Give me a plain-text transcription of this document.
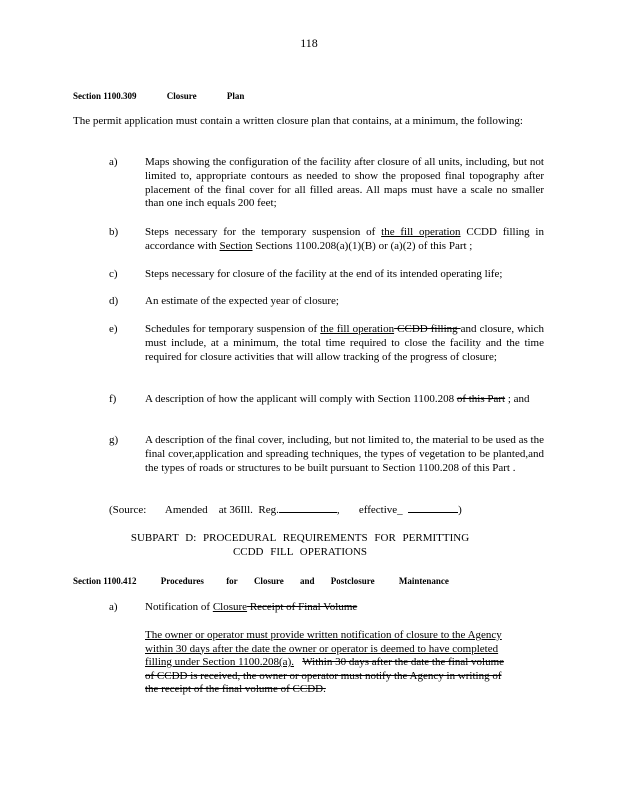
118
Section 1100.309	Closure	Plan
The permit application must contain a written closure plan that contains, at a minimum, the following:
a)	Maps showing the configuration of the facility after closure of all units, including, but not limited to, appropriate contours as needed to show the proposed final topography after placement of the final cover for all filled areas. All maps must have a scale no smaller than one inch equals 200 feet;
b)	Steps necessary for the temporary suspension of the fill operation CCDD filling in accordance with Section Sections 1100.208(a)(1)(B) or (a)(2) of this Part ;
c)	Steps necessary for closure of the facility at the end of its intended operating life;
d)	An estimate of the expected year of closure;
e)	Schedules for temporary suspension of the fill operation CCDD filling and closure, which must include, at a minimum, the total time required to close the facility and the time required for closure activities that will allow tracking of the progress of closure;
f)	A description of how the applicant will comply with Section 1100.208 of this Part ; and
g)	A description of the final cover, including, but not limited to, the material to be used as the final cover,application and spreading techniques, the types of vegetation to be planted,and the types of roads or structures to be built pursuant to Section 1100.208 of this Part .
(Source: Amended at 36Ill. Reg.	,       effective_	)
SUBPART D: PROCEDURAL REQUIREMENTS FOR PERMITTING
CCDD FILL OPERATIONS
Section 1100.412	Procedures for Closure and Postclosure	Maintenance
a)	Notification of Closure Receipt of Final Volume
The owner or operator must provide written notification of closure to the Agency
within 30 days after the date the owner or operator is deemed to have completed
filling under Section 1100.208(a). Within 30 days after the date the final volume
of CCDD is received, the owner or operator must notify the Agency in writing of
the receipt of the final volume of CCDD.
